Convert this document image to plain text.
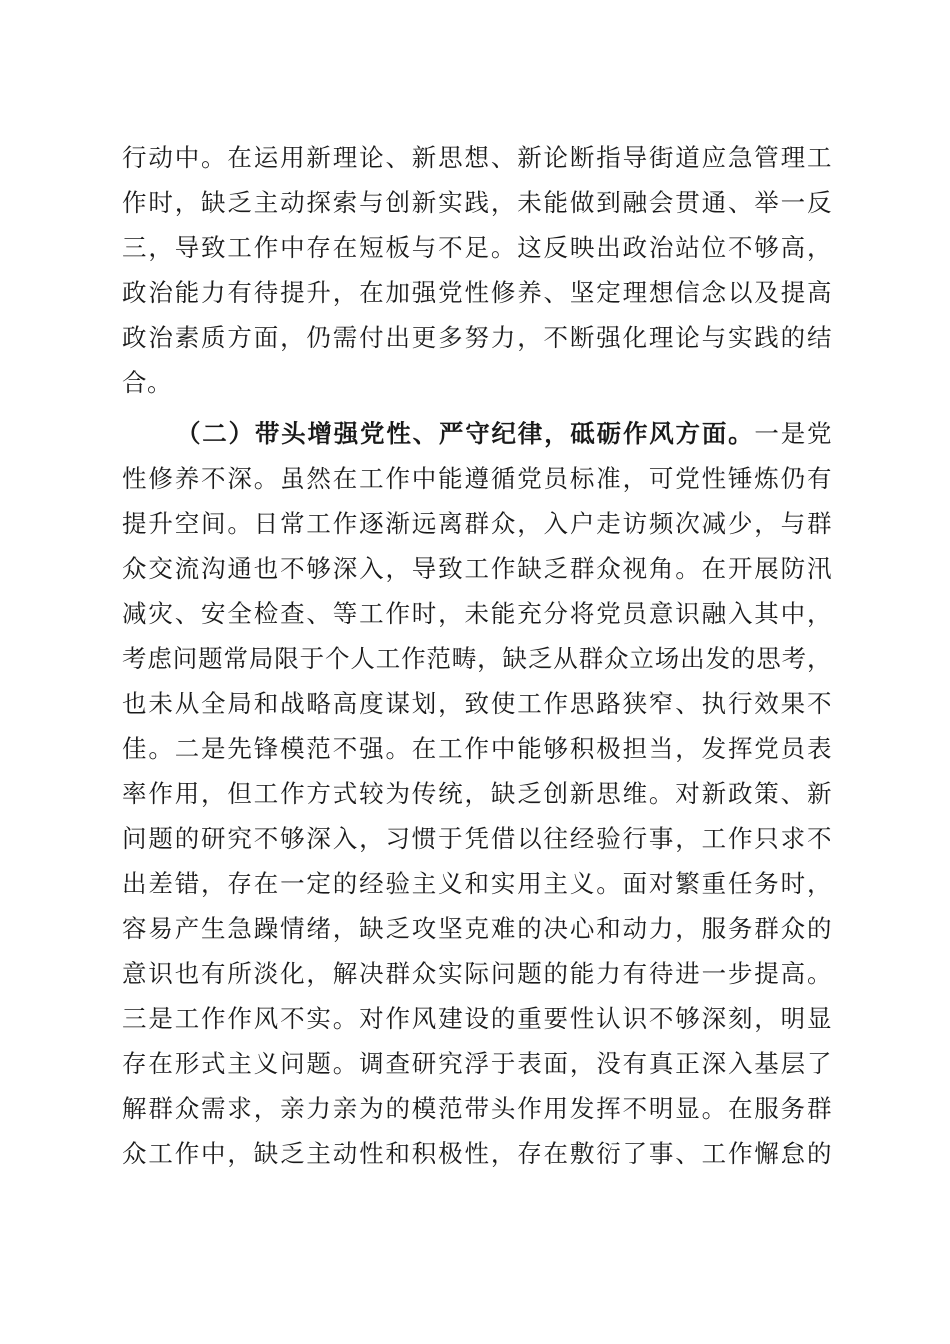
行动中。在运用新理论、新思想、新论断指导街道应急管理工
作时，缺乏主动探索与创新实践，未能做到融会贯通、举一反
三，导致工作中存在短板与不足。这反映出政治站位不够高，
政治能力有待提升，在加强党性修养、坚定理想信念以及提高
政治素质方面，仍需付出更多努力，不断强化理论与实践的结
合。
（二）带头增强党性、严守纪律，砥砺作风方面。一是党
性修养不深。虽然在工作中能遵循党员标准，可党性锤炼仍有
提升空间。日常工作逐渐远离群众，入户走访频次减少，与群
众交流沟通也不够深入，导致工作缺乏群众视角。在开展防汛
减灾、安全检查、等工作时，未能充分将党员意识融入其中，
考虑问题常局限于个人工作范畴，缺乏从群众立场出发的思考，
也未从全局和战略高度谋划，致使工作思路狭窄、执行效果不
佳。二是先锋模范不强。在工作中能够积极担当，发挥党员表
率作用，但工作方式较为传统，缺乏创新思维。对新政策、新
问题的研究不够深入，习惯于凭借以往经验行事，工作只求不
出差错，存在一定的经验主义和实用主义。面对繁重任务时，
容易产生急躁情绪，缺乏攻坚克难的决心和动力，服务群众的
意识也有所淡化，解决群众实际问题的能力有待进一步提高。
三是工作作风不实。对作风建设的重要性认识不够深刻，明显
存在形式主义问题。调查研究浮于表面，没有真正深入基层了
解群众需求，亲力亲为的模范带头作用发挥不明显。在服务群
众工作中，缺乏主动性和积极性，存在敷衍了事、工作懈怠的
